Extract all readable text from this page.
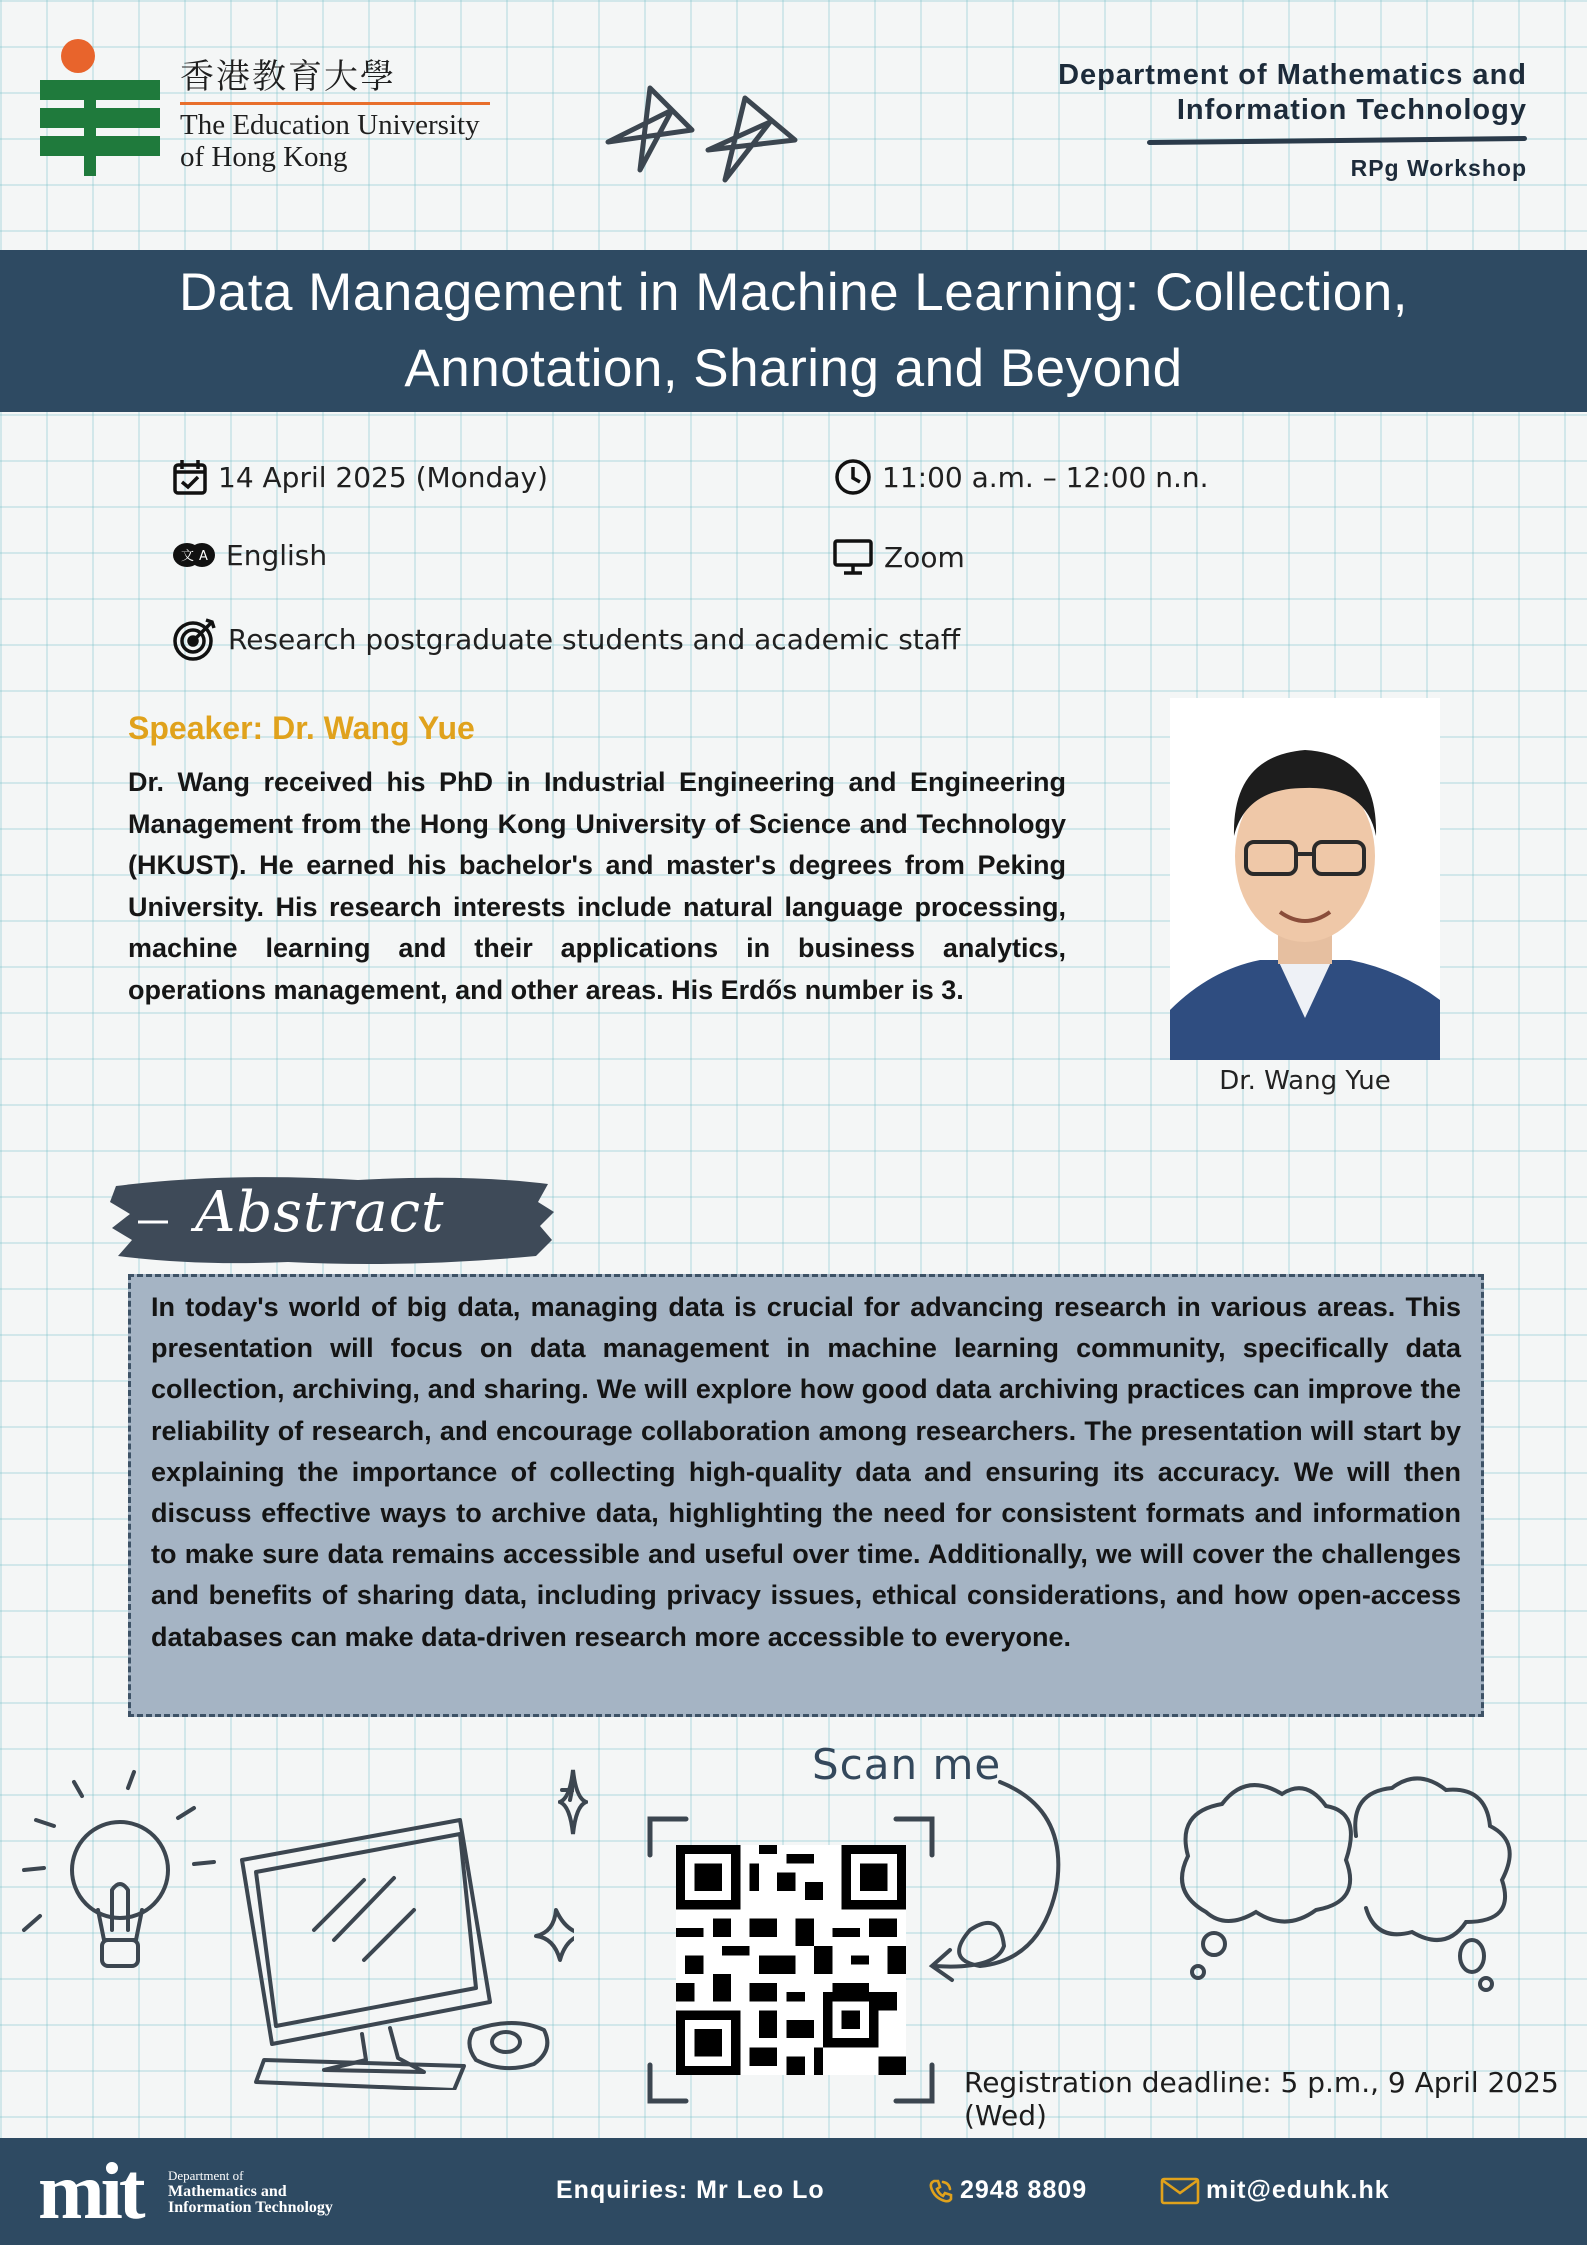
香港教育大學
The Education University
of Hong Kong
Department of Mathematics and
Information Technology
RPg Workshop
Data Management in Machine Learning: Collection,
Annotation, Sharing and Beyond
14 April 2025 (Monday)	11:00 a.m. – 12:00 n.n.
文 A English	Zoom
Research postgraduate students and academic staff
Speaker: Dr. Wang Yue
Dr. Wang received his PhD in Industrial Engineering and Engineering Management from the Hong Kong University of Science and Technology (HKUST). He earned his bachelor's and master's degrees from Peking University. His research interests include natural language processing, machine learning and their applications in business analytics, operations management, and other areas. His Erdős number is 3.
Dr. Wang Yue
Abstract
In today's world of big data, managing data is crucial for advancing research in various areas. This presentation will focus on data management in machine learning community, specifically data collection, archiving, and sharing. We will explore how good data archiving practices can improve the reliability of research, and encourage collaboration among researchers. The presentation will start by explaining the importance of collecting high-quality data and ensuring its accuracy. We will then discuss effective ways to archive data, highlighting the need for consistent formats and information to make sure data remains accessible and useful over time. Additionally, we will cover the challenges and benefits of sharing data, including privacy issues, ethical considerations, and how open-access databases can make data-driven research more accessible to everyone.
Scan me
Registration deadline: 5 p.m., 9 April 2025 (Wed)
mit Department of
Mathematics and
Information Technology
Enquiries: Mr Leo Lo	2948 8809	mit@eduhk.hk
